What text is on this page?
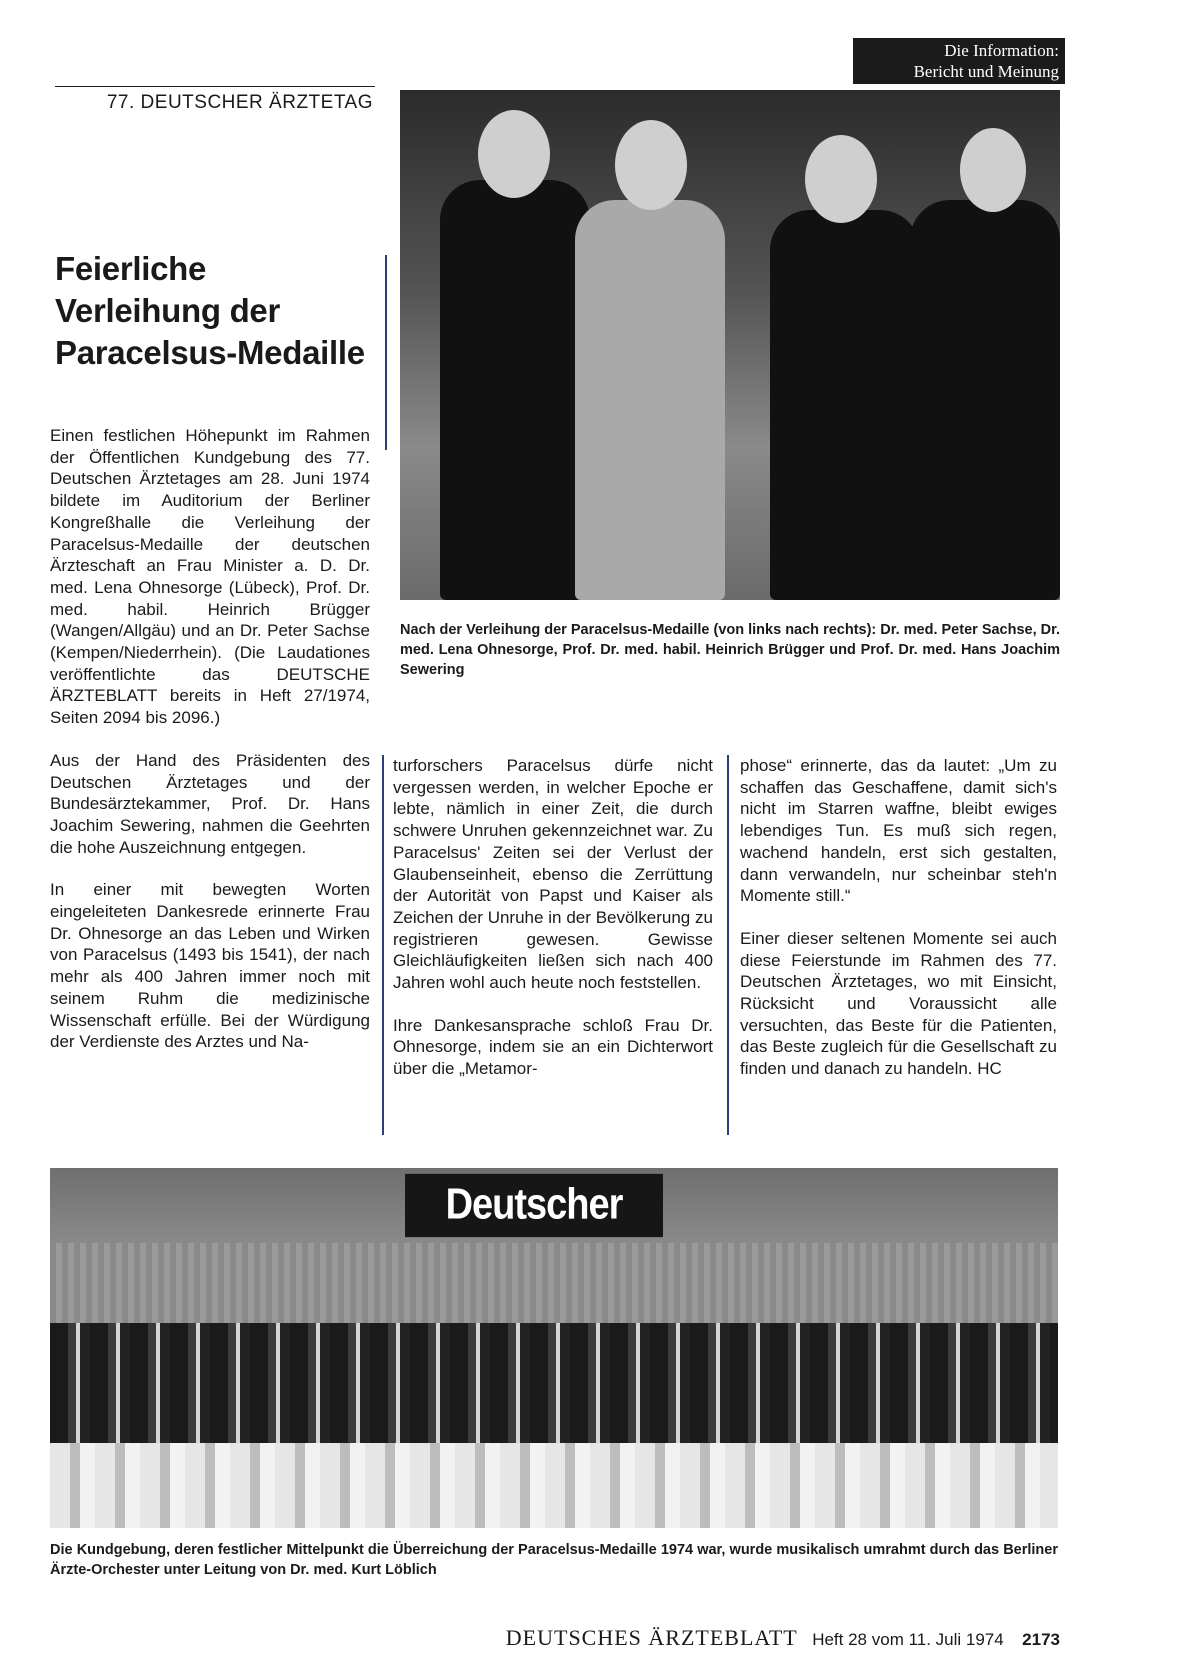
Die Information:
Bericht und Meinung
77. DEUTSCHER ÄRZTETAG
Feierliche
Verleihung der
Paracelsus-Medaille

Einen festlichen Höhepunkt im Rahmen der Öffentlichen Kundgebung des 77. Deutschen Ärztetages am 28. Juni 1974 bildete im Auditorium der Berliner Kongreßhalle die Verleihung der Paracelsus-Medaille der deutschen Ärzteschaft an Frau Minister a. D. Dr. med. Lena Ohnesorge (Lübeck), Prof. Dr. med. habil. Heinrich Brügger (Wangen/Allgäu) und an Dr. Peter Sachse (Kempen/Niederrhein). (Die Laudationes veröffentlichte das DEUTSCHE ÄRZTEBLATT bereits in Heft 27/1974, Seiten 2094 bis 2096.)

Aus der Hand des Präsidenten des Deutschen Ärztetages und der Bundesärztekammer, Prof. Dr. Hans Joachim Sewering, nahmen die Geehrten die hohe Auszeichnung entgegen.

In einer mit bewegten Worten eingeleiteten Dankesrede erinnerte Frau Dr. Ohnesorge an das Leben und Wirken von Paracelsus (1493 bis 1541), der nach mehr als 400 Jahren immer noch mit seinem Ruhm die medizinische Wissenschaft erfülle. Bei der Würdigung der Verdienste des Arztes und Na-

turforschers Paracelsus dürfe nicht vergessen werden, in welcher Epoche er lebte, nämlich in einer Zeit, die durch schwere Unruhen gekennzeichnet war. Zu Paracelsus' Zeiten sei der Verlust der Glaubenseinheit, ebenso die Zerrüttung der Autorität von Papst und Kaiser als Zeichen der Unruhe in der Bevölkerung zu registrieren gewesen. Gewisse Gleichläufigkeiten ließen sich nach 400 Jahren wohl auch heute noch feststellen.

Ihre Dankesansprache schloß Frau Dr. Ohnesorge, indem sie an ein Dichterwort über die „Metamor-

phose“ erinnerte, das da lautet: „Um zu schaffen das Geschaffene, damit sich's nicht im Starren waffne, bleibt ewiges lebendiges Tun. Es muß sich regen, wachend handeln, erst sich gestalten, dann verwandeln, nur scheinbar steh'n Momente still.“

Einer dieser seltenen Momente sei auch diese Feierstunde im Rahmen des 77. Deutschen Ärztetages, wo mit Einsicht, Rücksicht und Voraussicht alle versuchten, das Beste für die Patienten, das Beste zugleich für die Gesellschaft zu finden und danach zu handeln. HC

Nach der Verleihung der Paracelsus-Medaille (von links nach rechts): Dr. med. Peter Sachse, Dr. med. Lena Ohnesorge, Prof. Dr. med. habil. Heinrich Brügger und Prof. Dr. med. Hans Joachim Sewering
Deutscher
Die Kundgebung, deren festlicher Mittelpunkt die Überreichung der Paracelsus-Medaille 1974 war, wurde musikalisch umrahmt durch das Berliner Ärzte-Orchester unter Leitung von Dr. med. Kurt Löblich
DEUTSCHES ÄRZTEBLATT Heft 28 vom 11. Juli 1974 2173
